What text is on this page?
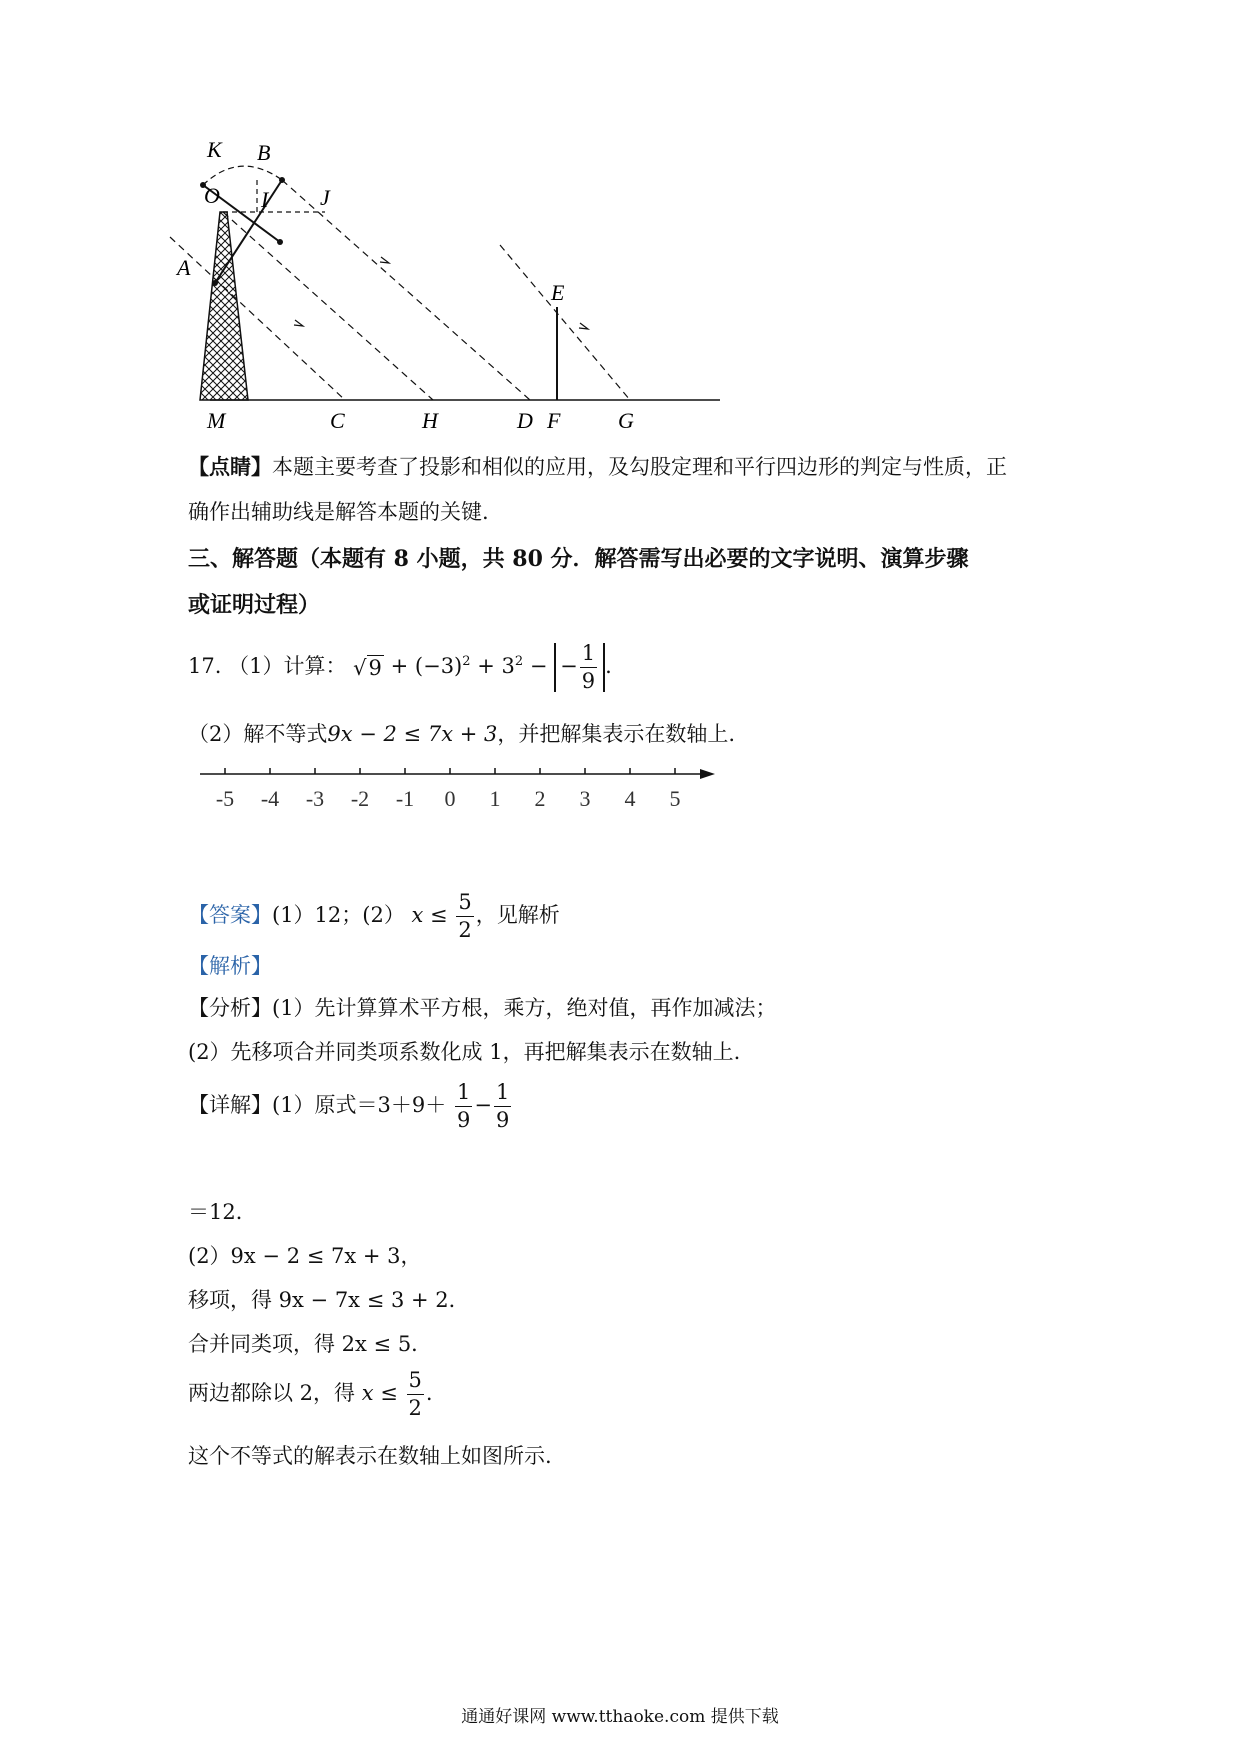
K B
O I J
A
E
M	C	H	D F	G
【点睛】本题主要考查了投影和相似的应用，及勾股定理和平行四边形的判定与性质，正
确作出辅助线是解答本题的关键.
三、解答题（本题有 8 小题，共 80 分．解答需写出必要的文字说明、演算步骤
或证明过程）
17. （1）计算： $√9 + (-3)^2 + 3^2$ − − $\frac{1}{9}$ .
（2）解不等式9x − 2 ≤ 7x + 3，并把解集表示在数轴上.
-5 -4 -3 -2 -1 0 1 2 3 4 5
【答案】(1）12；(2） $x \le \frac{5}{2}$ ，见解析
【解析】
【分析】(1）先计算算术平方根，乘方，绝对值，再作加减法；
(2）先移项合并同类项系数化成 1，再把解集表示在数轴上.
【详解】(1）原式$=3+9+ \frac{1}{9} - \frac{1}{9}$
＝12．
(2）9x − 2 ≤ 7x + 3，
移项，得 9x − 7x ≤ 3 + 2．
合并同类项，得 2x ≤ 5．
两边都除以 2，得 $x \le \frac{5}{2}$ .
这个不等式的解表示在数轴上如图所示.
通通好课网 www.tthaoke.com 提供下载
